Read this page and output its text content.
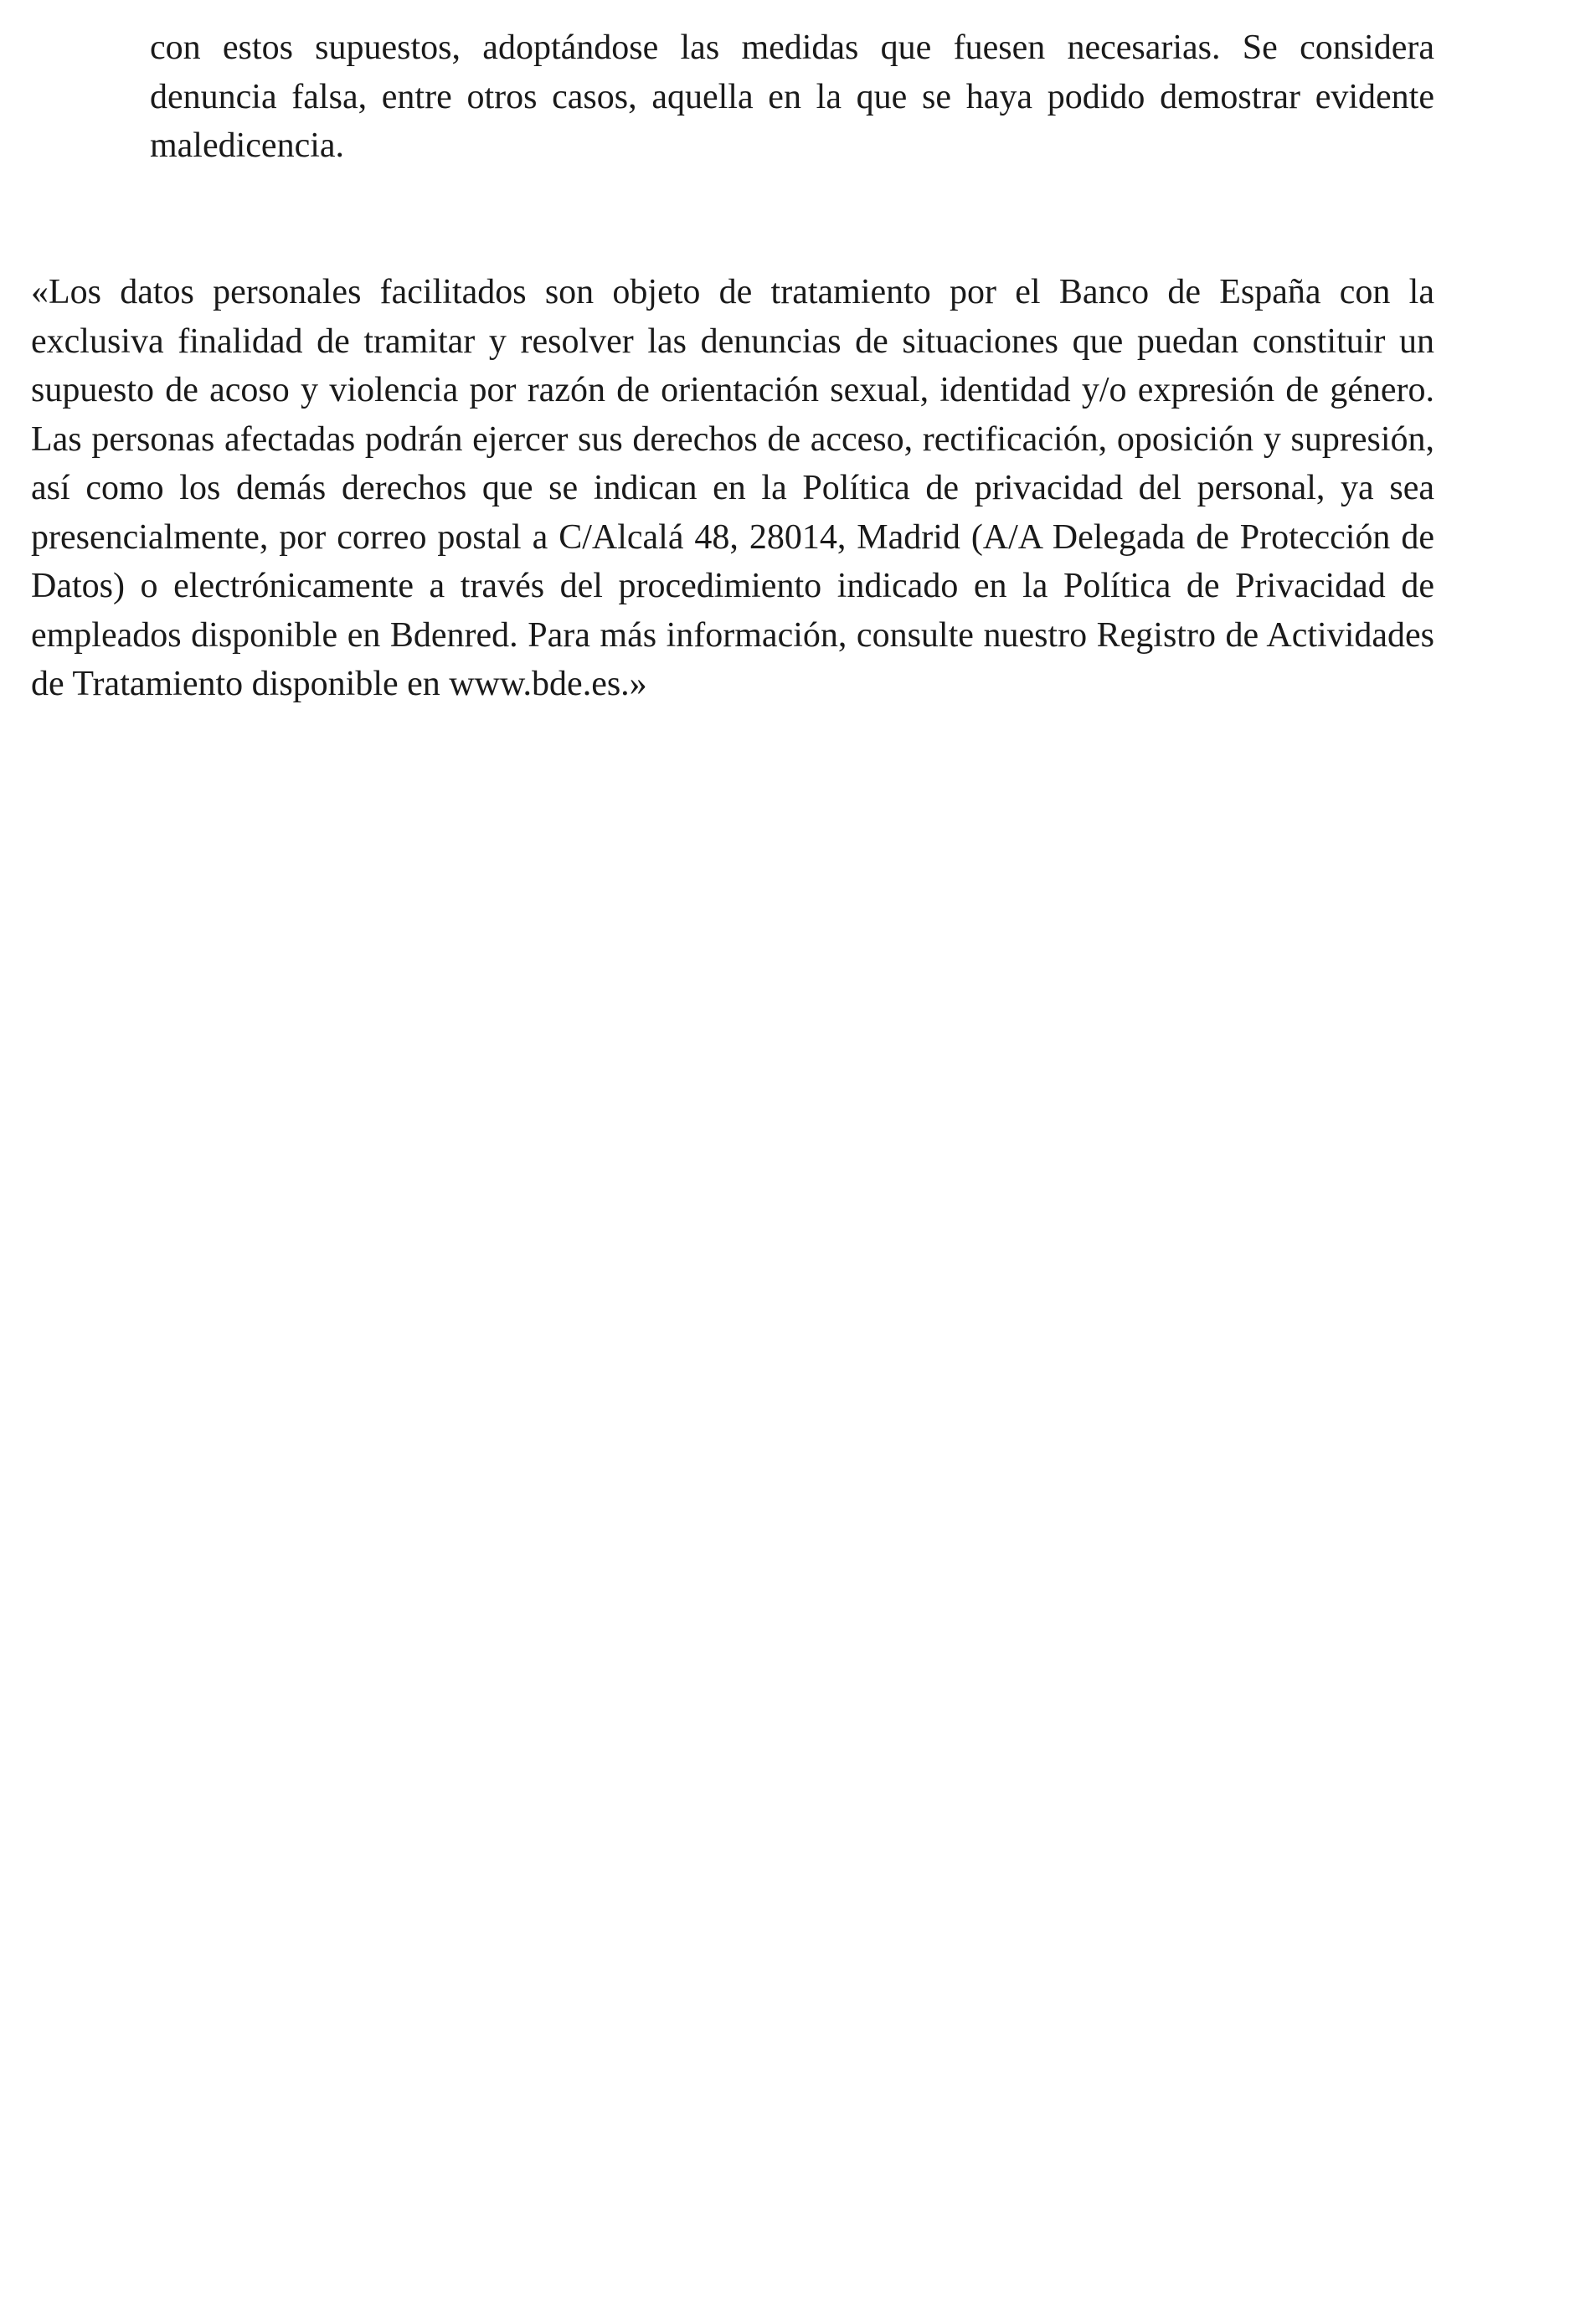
con estos supuestos, adoptándose las medidas que fuesen necesarias. Se considera denuncia falsa, entre otros casos, aquella en la que se haya podido demostrar evidente maledicencia.

«Los datos personales facilitados son objeto de tratamiento por el Banco de España con la exclusiva finalidad de tramitar y resolver las denuncias de situaciones que puedan constituir un supuesto de acoso y violencia por razón de orientación sexual, identidad y/o expresión de género. Las personas afectadas podrán ejercer sus derechos de acceso, rectificación, oposición y supresión, así como los demás derechos que se indican en la Política de privacidad del personal, ya sea presencialmente, por correo postal a C/Alcalá 48, 28014, Madrid (A/A Delegada de Protección de Datos) o electrónicamente a través del procedimiento indicado en la Política de Privacidad de empleados disponible en Bdenred. Para más información, consulte nuestro Registro de Actividades de Tratamiento disponible en www.bde.es.»
